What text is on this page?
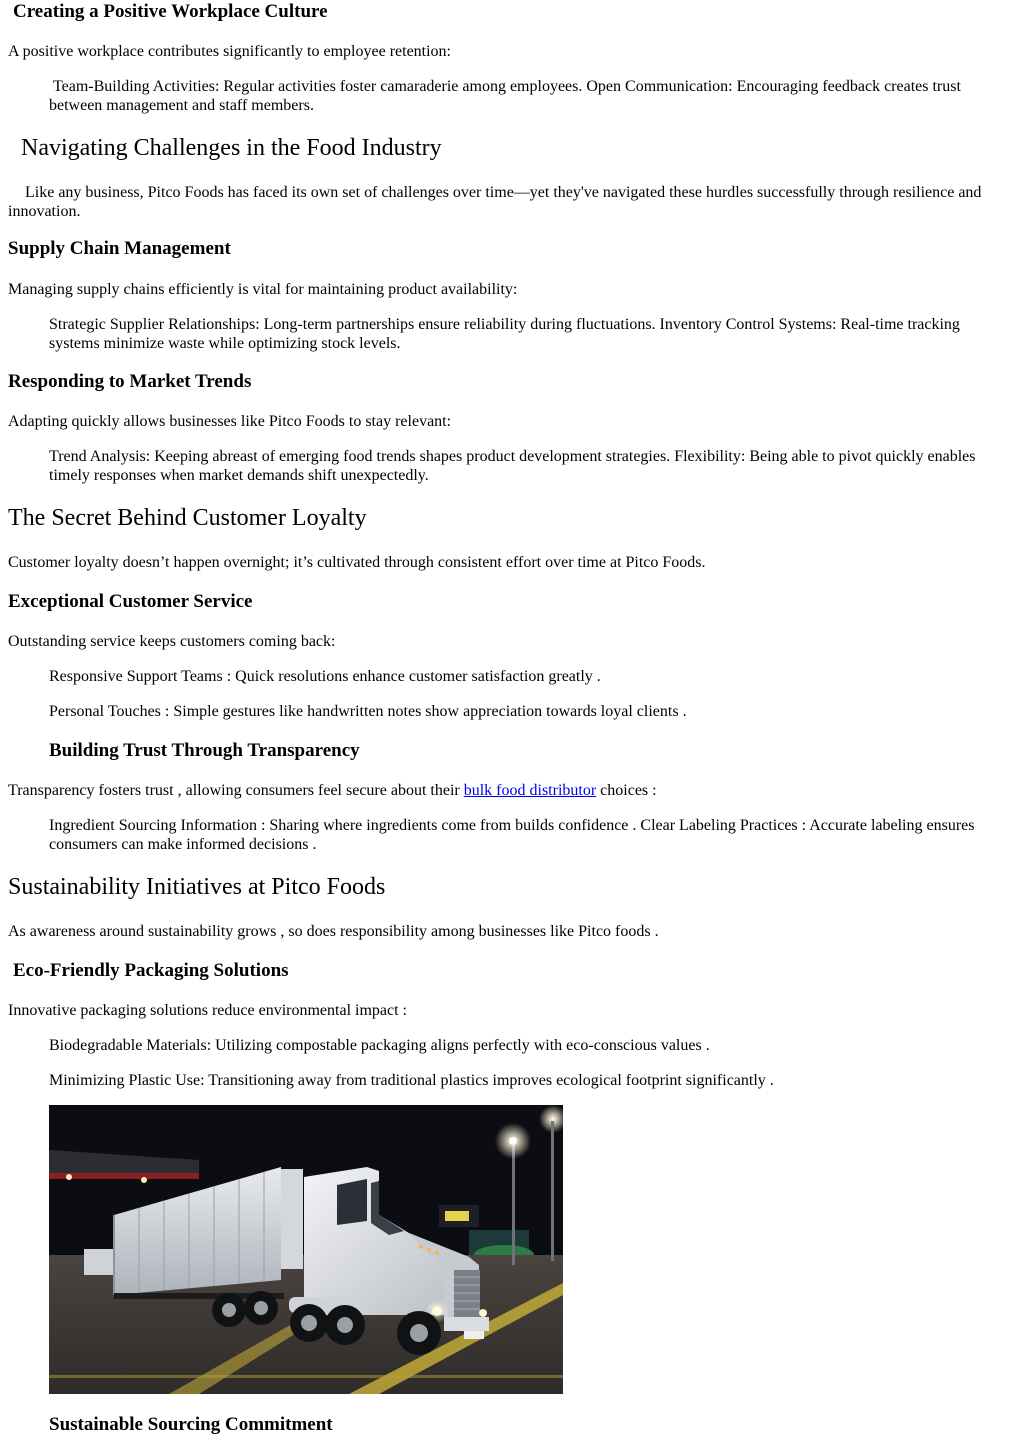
Creating a Positive Workplace Culture

A positive workplace contributes significantly to employee retention:

Team-Building Activities: Regular activities foster camaraderie among employees. Open Communication: Encouraging feedback creates trust between management and staff members.

Navigating Challenges in the Food Industry

Like any business, Pitco Foods has faced its own set of challenges over time—yet they've navigated these hurdles successfully through resilience and innovation.

Supply Chain Management

Managing supply chains efficiently is vital for maintaining product availability:

Strategic Supplier Relationships: Long-term partnerships ensure reliability during fluctuations. Inventory Control Systems: Real-time tracking systems minimize waste while optimizing stock levels.

Responding to Market Trends

Adapting quickly allows businesses like Pitco Foods to stay relevant:

Trend Analysis: Keeping abreast of emerging food trends shapes product development strategies. Flexibility: Being able to pivot quickly enables timely responses when market demands shift unexpectedly.

The Secret Behind Customer Loyalty

Customer loyalty doesn’t happen overnight; it’s cultivated through consistent effort over time at Pitco Foods.

Exceptional Customer Service

Outstanding service keeps customers coming back:

Responsive Support Teams : Quick resolutions enhance customer satisfaction greatly .

Personal Touches : Simple gestures like handwritten notes show appreciation towards loyal clients .

Building Trust Through Transparency

Transparency fosters trust , allowing consumers feel secure about their bulk food distributor choices :

Ingredient Sourcing Information : Sharing where ingredients come from builds confidence . Clear Labeling Practices : Accurate labeling ensures consumers can make informed decisions .

Sustainability Initiatives at Pitco Foods

As awareness around sustainability grows , so does responsibility among businesses like Pitco foods .

Eco-Friendly Packaging Solutions

Innovative packaging solutions reduce environmental impact :

Biodegradable Materials: Utilizing compostable packaging aligns perfectly with eco-conscious values .

Minimizing Plastic Use: Transitioning away from traditional plastics improves ecological footprint significantly .

Sustainable Sourcing Commitment
